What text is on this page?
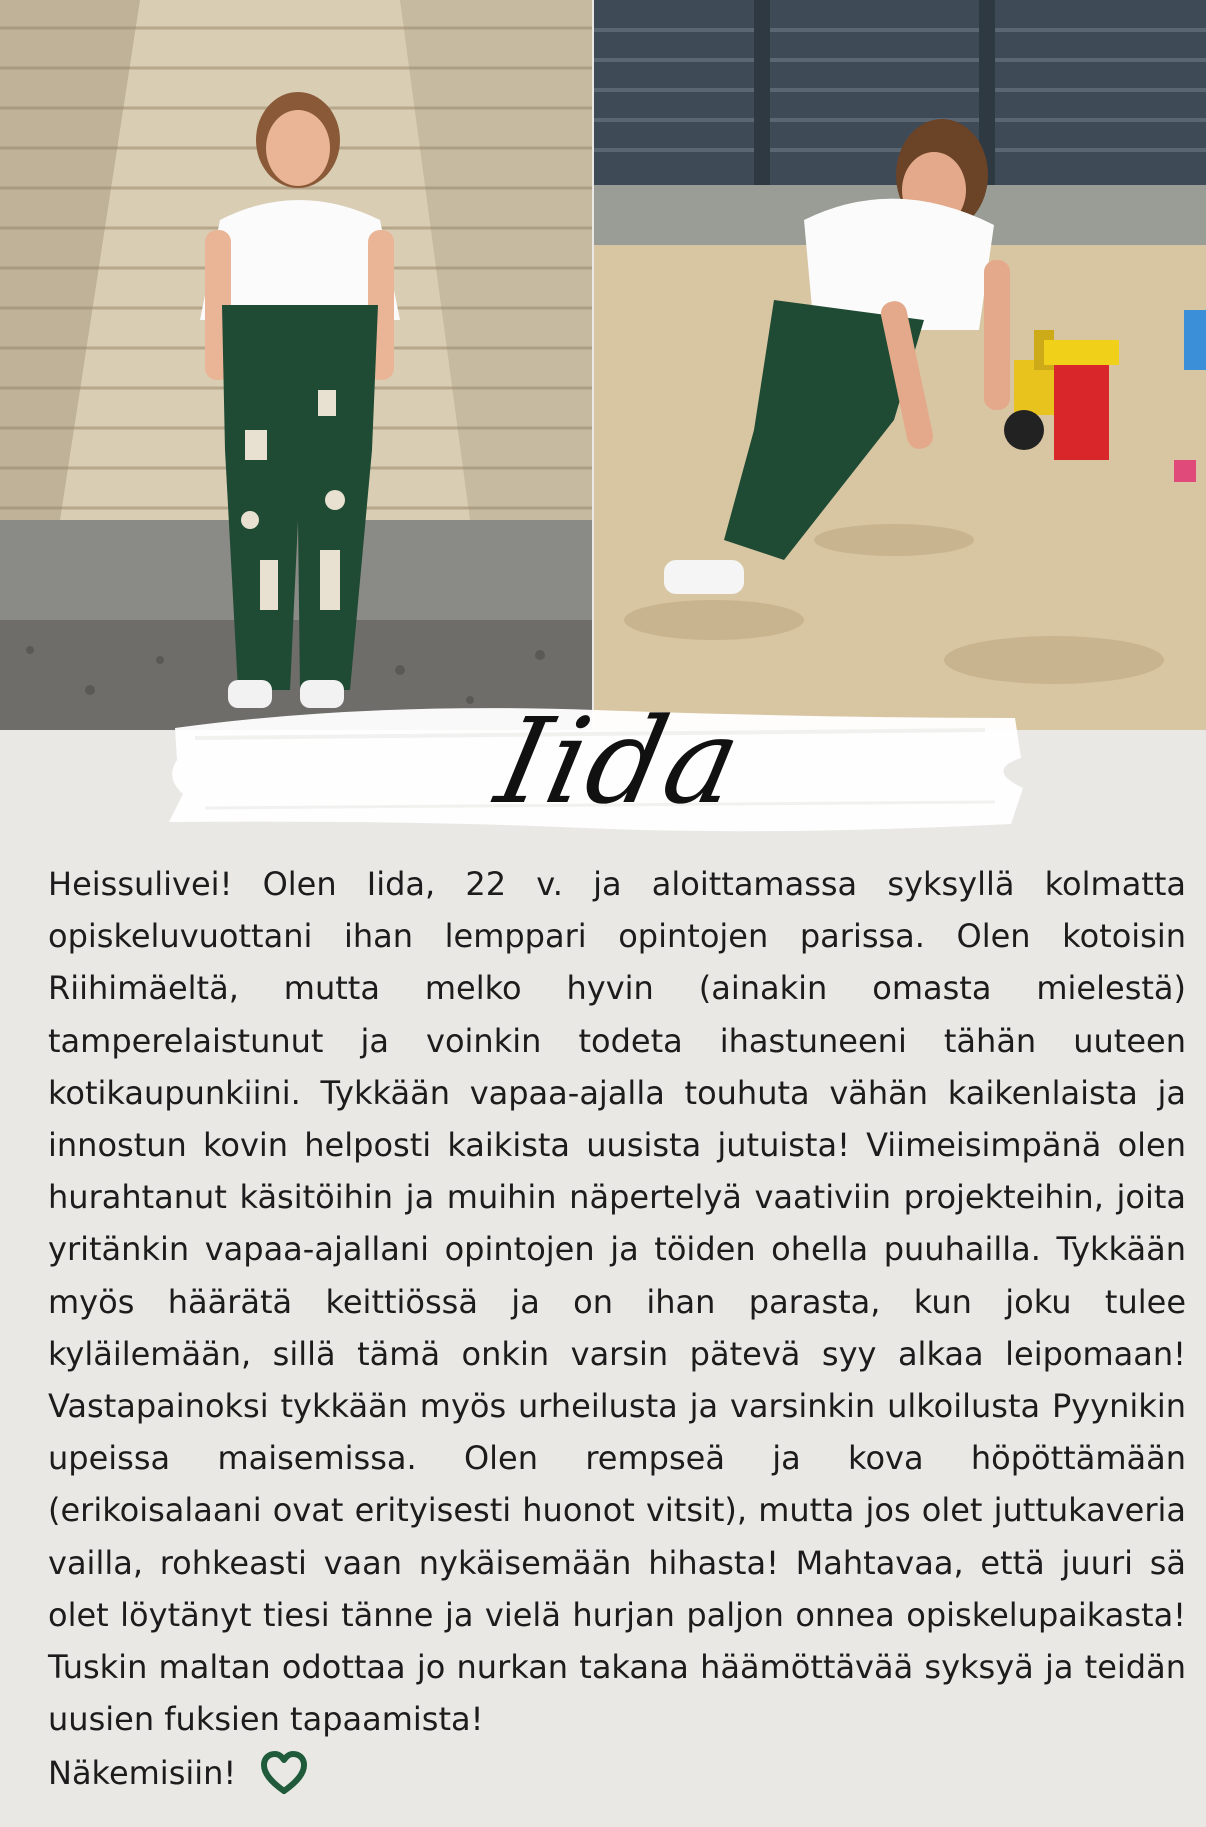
Iida

Heissulivei! Olen Iida, 22 v. ja aloittamassa syksyllä kolmatta opiskeluvuottani ihan lemppari opintojen parissa. Olen kotoisin Riihimäeltä, mutta melko hyvin (ainakin omasta mielestä) tamperelaistunut ja voinkin todeta ihastuneeni tähän uuteen kotikaupunkiini. Tykkään vapaa-ajalla touhuta vähän kaikenlaista ja innostun kovin helposti kaikista uusista jutuista! Viimeisimpänä olen hurahtanut käsitöihin ja muihin näpertelyä vaativiin projekteihin, joita yritänkin vapaa-ajallani opintojen ja töiden ohella puuhailla. Tykkään myös häärätä keittiössä ja on ihan parasta, kun joku tulee kyläilemään, sillä tämä onkin varsin pätevä syy alkaa leipomaan! Vastapainoksi tykkään myös urheilusta ja varsinkin ulkoilusta Pyynikin upeissa maisemissa. Olen rempseä ja kova höpöttämään (erikoisalaani ovat erityisesti huonot vitsit), mutta jos olet juttukaveria vailla, rohkeasti vaan nykäisemään hihasta! Mahtavaa, että juuri sä olet löytänyt tiesi tänne ja vielä hurjan paljon onnea opiskelupaikasta! Tuskin maltan odottaa jo nurkan takana häämöttävää syksyä ja teidän uusien fuksien tapaamista!

Näkemisiin!
